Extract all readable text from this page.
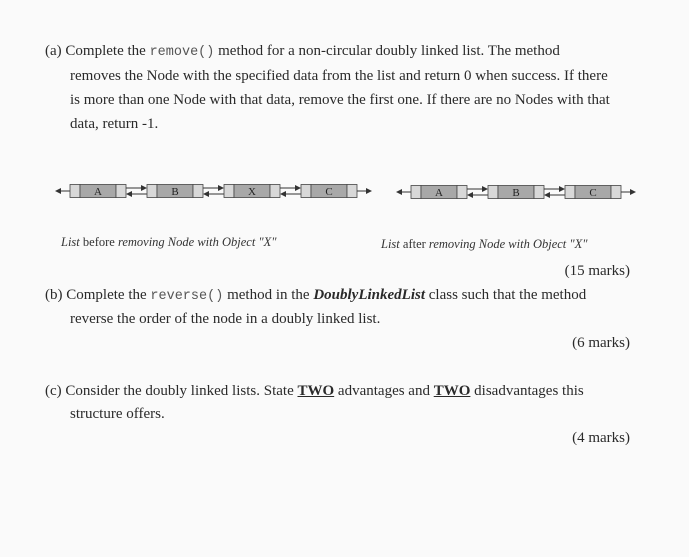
(a) Complete the remove() method for a non-circular doubly linked list. The method
removes the Node with the specified data from the list and return 0 when success. If there
is more than one Node with that data, remove the first one. If there are no Nodes with that
data, return -1.
A	B	X	C	A	B	C
List before removing Node with Object "X"	List after removing Node with Object "X"
(15 marks)
(b) Complete the reverse() method in the DoublyLinkedList class such that the method
reverse the order of the node in a doubly linked list.
(6 marks)
(c) Consider the doubly linked lists. State TWO advantages and TWO disadvantages this
structure offers.
(4 marks)
